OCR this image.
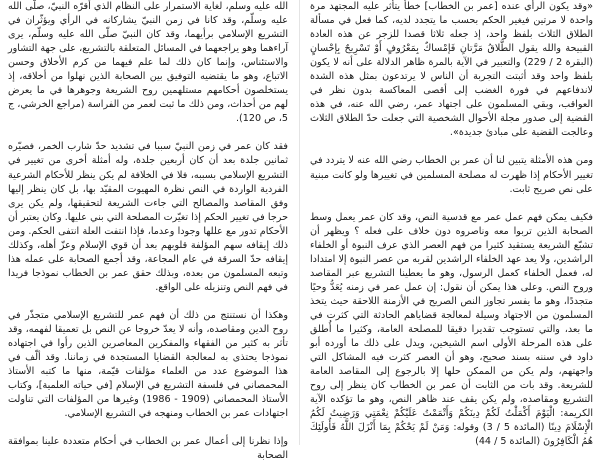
«وقد يكون الرأي عنده [عمر بن الخطاب] خطأ يتأثر عليه المجتهد مرة واحدة لا مرتين فيغير الحكم بحسب ما يتجدد لديه، كما فعل في مسألة الطلاق الثلاث بلفظ واحد، إذ جعله ثلاثا قصدا للزجر عن هذه العادة القبيحة والله يقول الطَّلاقُ مَرَّتانِ فَإمْساكٌ بِمَعْرُوفٍ أَوْ تَسْرِيحٌ بِإحْسانٍ (البقرة 2 / 229) والتعبير في الآية بالمرة ظاهر الدلالة على أنه لا يكون بلفظ واحد وقد أثبتت التجربة أن الناس لا يرتدعون بمثل هذه الشدة لاندفاعهم في فورة الغضب إلى أقصى المعاكسة بدون نظر في العواقب، وبقي المسلمون على اجتهاد عمر، رضي الله عنه، في هذه القضية إلى صدور مجلة الأحوال الشخصية التي جعلت حدّ الطلاق الثلاث وعالجت القضية على مبادئ جديدة».

ومن هذه الأمثلة يتبين لنا أن عمر بن الخطاب رضي الله عنه لا يتردد في تغيير الأحكام إذا ظهرت له مصلحة المسلمين في تغييرها ولو كانت مبنية على نص صريح ثابت.

فكيف يمكن فهم عمل عمر مع قدسية النص، وقد كان عمر يعمل وسط الصحابة الذين تربوا معه وناصروه دون خلاف على فعله ؟ ويظهر أن تشبّع الشريعة يستقيد كثيرا من فهم العصر الذي عرف النبوة أو الخلفاء الراشدين، ولا يعد عهد الخلفاء الراشدين لقربه من عصر النبوة إلا امتدادا له، فعمل الخلفاء كعمل الرسول، وهو ما يعطينا التشريع عبر المقاصد وروح النص. وعلى هذا يمكن أن نقول: إن عمل عمر في زمنه يُعَدُّ وحيًا متجددًا، وهو ما يفسر تجاوز النص الصريح في الأزمنة اللاحقة حيث يتخذ المسلمون من الاجتهاد وسيلة لمعالجة قضاياهم الحادثة التي كثرت في ما بعد، والتي تستوجب تقديرا دقيقا للمصلحة العامة، وكثيرا ما أُطلق على هذه المرحلة الأولى اسم الشيخين، ويدل على ذلك ما أورده أبو داود في سننه بسند صحيح، وهو أن العصر كثرت فيه المشاكل التي واجهتهم، ولم يكن من الممكن حلها إلا بالرجوع إلى المقاصد العامة للشريعة. وقد بات من الثابت أن عمر بن الخطاب كان ينظر إلى روح التشريع ومقاصده، ولم يكن يقف عند ظاهر النص، وهو ما تؤكده الآية الكريمة: الْيَوْمَ أَكْمَلْتُ لَكُمْ دِينَكُمْ وَأَتْمَمْتُ عَلَيْكُمْ نِعْمَتِي وَرَضِيتُ لَكُمُ الْإِسْلَامَ دِينًا (المائدة 5 / 3) وقوله: وَمَنْ لَمْ يَحْكُمْ بِمَا أَنْزَلَ اللَّهُ فَأُولَئِكَ هُمُ الْكَافِرُونَ (المائدة 5 / 44)

الله عليه وسلم، لغاية الاستمرار على النظام الذي أقرّه النبيّ، صلّى الله عليه وسلّم، وقد كانا في زمن النبيّ يشاركانه في الرأي ويؤثّران في التشريع الإسلامي برأيهما، وقد كان النبيّ صلّى الله عليه وسلّم، يرى آراءهما وهو يراجعهما في المسائل المتعلقة بالتشريع، على جهة التشاور والاستئناس، وإنما كان ذلك لما علم فيهما من كرم الأخلاق وحسن الاتباع، وهو ما يقتضيه التوفيق بين الصحابة الذين نهلوا من أخلاقه، إذ يستخلصون أحكامهم مستلهمين روح الشريعة وجوهرها في ما يعرض لهم من أحداث، ومن ذلك ما ثبت لعمر من الفراسة (مراجع الخرشي، ج 5، ص 120).

فقد كان عمر في زمن النبيّ سببا في تشديد حدّ شارب الخمر، فصيّره ثمانين جلدة بعد أن كان أربعين جلدة، وله أمثلة أخرى من تغيير في التشريع الإسلامي بسببه، فلا في الخلافة لم يكن ينظر للأحكام الشرعية الفردية الواردة في النص نظرة المهيوت المقيّد بها، بل كان ينظر إليها وفق المقاصد والمصالح التي جاءت الشريعة لتحقيقها، ولم يكن يرى حرجا في تغيير الحكم إذا تغيّرت المصلحة التي بني عليها. وكان يعتبر أن الأحكام تدور مع عللها وجودا وعدما، فإذا انتفت العلة انتفى الحكم. ومن ذلك إيقافه سهم المؤلفة قلوبهم بعد أن قوي الإسلام وعزّ أهله، وكذلك إيقافه حدّ السرقة في عام المجاعة، وقد أجمع الصحابة على عمله هذا وتبعه المسلمون من بعده، وبذلك حقق عمر بن الخطاب نموذجا فريدا في فهم النص وتنزيله على الواقع.

وهكذا أن نستنتج من ذلك أن فهم عمر للتشريع الإسلامي متجذّر في روح الدين ومقاصده، وأنه لا يعدّ خروجا عن النص بل تعميقا لفهمه، وقد تأثر به كثير من الفقهاء والمفكرين المعاصرين الذين رأوا في اجتهاده نموذجا يحتذى به لمعالجة القضايا المستجدة في زماننا. وقد ألّف في هذا الموضوع عدد من العلماء مؤلفات قيّمة، منها ما كتبه الأستاذ المحمصاني في فلسفة التشريع في الإسلام [في حياته العلمية]، وكتاب الأستاذ المحمصاني (1909 - 1986) وغيرها من المؤلفات التي تناولت اجتهادات عمر بن الخطاب ومنهجه في التشريع الإسلامي.

وإذا نظرنا إلى أعمال عمر بن الخطاب في أحكام متعددة علينا بموافقة الصحابة
